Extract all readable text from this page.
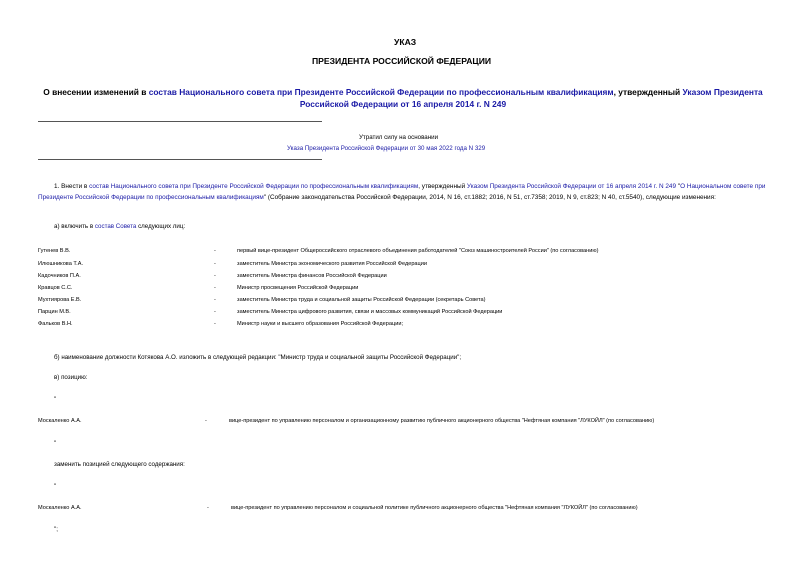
УКАЗ
ПРЕЗИДЕНТА РОССИЙСКОЙ ФЕДЕРАЦИИ
О внесении изменений в состав Национального совета при Президенте Российской Федерации по профессиональным квалификациям, утвержденный Указом Президента Российской Федерации от 16 апреля 2014 г. N 249
Утратил силу на основании
Указа Президента Российской Федерации от 30 мая 2022 года N 329
1. Внести в состав Национального совета при Президенте Российской Федерации по профессиональным квалификациям, утвержденный Указом Президента Российской Федерации от 16 апреля 2014 г. N 249 "О Национальном совете при Президенте Российской Федерации по профессиональным квалификациям" (Собрание законодательства Российской Федерации, 2014, N 16, ст.1882; 2016, N 51, ст.7358; 2019, N 9, ст.823; N 40, ст.5540), следующие изменения:
а) включить в состав Совета следующих лиц:
Гутенев В.В.	-	первый вице-президент Общероссийского отраслевого объединения работодателей "Союз машиностроителей России" (по согласованию)
Илюшникова Т.А.	-	заместитель Министра экономического развития Российской Федерации
Кадочников П.А.	-	заместитель Министра финансов Российской Федерации
Кравцов С.С.	-	Министр просвещения Российской Федерации
Мухтиярова Е.В.	-	заместитель Министра труда и социальной защиты Российской Федерации (секретарь Совета)
Парцин М.В.	-	заместитель Министра цифрового развития, связи и массовых коммуникаций Российской Федерации
Фальков В.Н.	-	Министр науки и высшего образования Российской Федерации;
б) наименование должности Котякова А.О. изложить в следующей редакции: "Министр труда и социальной защиты Российской Федерации";
в) позицию:
"
Москаленко А.А.	-	вице-президент по управлению персоналом и организационному развитию публичного акционерного общества "Нефтяная компания "ЛУКОЙЛ" (по согласованию)
"
заменить позицией следующего содержания:
"
Москаленко А.А.	-	вице-президент по управлению персоналом и социальной политике публичного акционерного общества "Нефтяная компания "ЛУКОЙЛ" (по согласованию)
";
